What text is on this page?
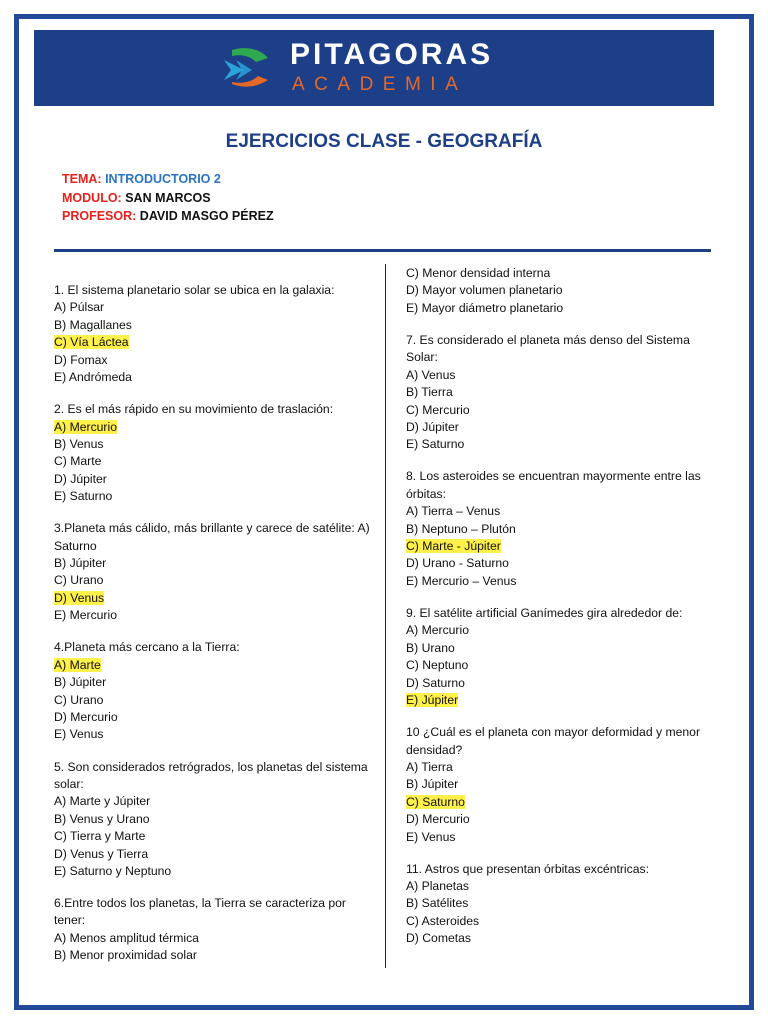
PITAGORAS
ACADEMIA
EJERCICIOS CLASE - GEOGRAFÍA
TEMA: INTRODUCTORIO 2
MODULO: SAN MARCOS
PROFESOR: DAVID MASGO PÉREZ
1. El sistema planetario solar se ubica en la galaxia:
A) Púlsar
B) Magallanes
C) Vía Láctea
D) Fomax
E) Andrómeda
2. Es el más rápido en su movimiento de traslación:
A) Mercurio
B) Venus
C) Marte
D) Júpiter
E) Saturno
3.Planeta más cálido, más brillante y carece de satélite: A) Saturno
B) Júpiter
C) Urano
D) Venus
E) Mercurio
4.Planeta más cercano a la Tierra:
A) Marte
B) Júpiter
C) Urano
D) Mercurio
E) Venus
5. Son considerados retrógrados, los planetas del sistema solar:
A) Marte y Júpiter
B) Venus y Urano
C) Tierra y Marte
D) Venus y Tierra
E) Saturno y Neptuno
6.Entre todos los planetas, la Tierra se caracteriza por tener:
A) Menos amplitud térmica
B) Menor proximidad solar
C) Menor densidad interna
D) Mayor volumen planetario
E) Mayor diámetro planetario
7. Es considerado el planeta más denso del Sistema Solar:
A) Venus
B) Tierra
C) Mercurio
D) Júpiter
E) Saturno
8. Los asteroides se encuentran mayormente entre las órbitas:
A) Tierra – Venus
B) Neptuno – Plutón
C) Marte - Júpiter
D) Urano - Saturno
E) Mercurio – Venus
9. El satélite artificial Ganímedes gira alrededor de:
A) Mercurio
B) Urano
C) Neptuno
D) Saturno
E) Júpiter
10 ¿Cuál es el planeta con mayor deformidad y menor densidad?
A) Tierra
B) Júpiter
C) Saturno
D) Mercurio
E) Venus
11. Astros que presentan órbitas excéntricas:
A) Planetas
B) Satélites
C) Asteroides
D) Cometas
